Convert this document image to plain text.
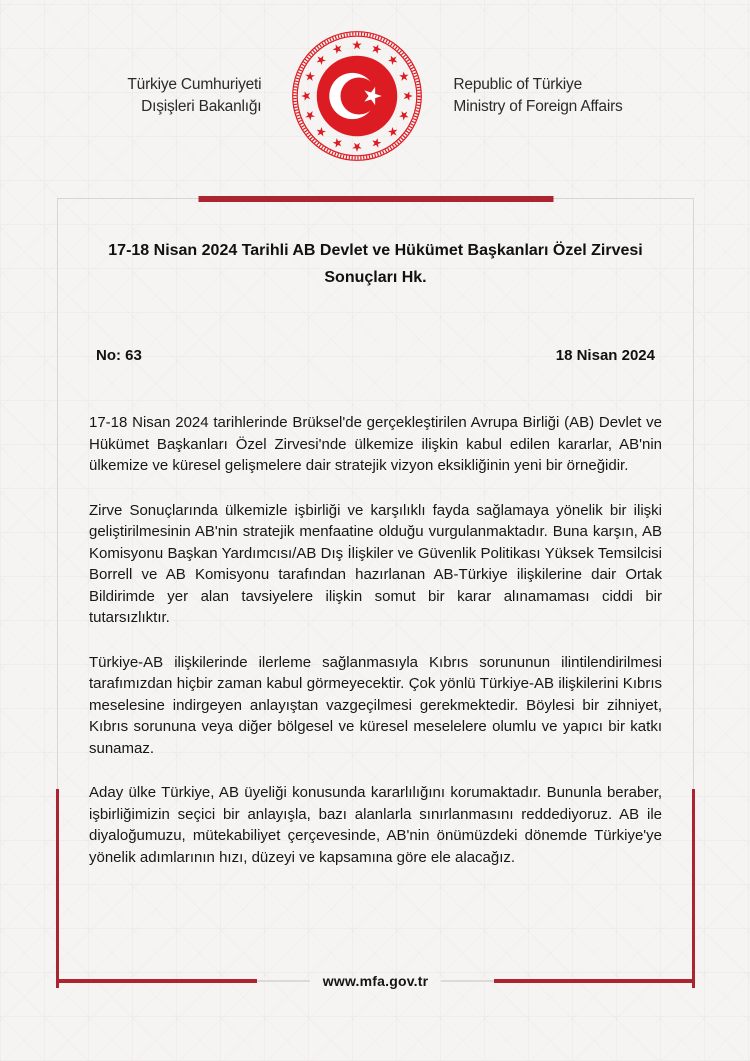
Türkiye Cumhuriyeti
Dışişleri Bakanlığı
Republic of Türkiye
Ministry of Foreign Affairs
17-18 Nisan 2024 Tarihli AB Devlet ve Hükümet Başkanları Özel Zirvesi Sonuçları Hk.
No: 63	18 Nisan 2024

17-18 Nisan 2024 tarihlerinde Brüksel'de gerçekleştirilen Avrupa Birliği (AB) Devlet ve Hükümet Başkanları Özel Zirvesi'nde ülkemize ilişkin kabul edilen kararlar, AB'nin ülkemize ve küresel gelişmelere dair stratejik vizyon eksikliğinin yeni bir örneğidir.

Zirve Sonuçlarında ülkemizle işbirliği ve karşılıklı fayda sağlamaya yönelik bir ilişki geliştirilmesinin AB'nin stratejik menfaatine olduğu vurgulanmaktadır. Buna karşın, AB Komisyonu Başkan Yardımcısı/AB Dış İlişkiler ve Güvenlik Politikası Yüksek Temsilcisi Borrell ve AB Komisyonu tarafından hazırlanan AB-Türkiye ilişkilerine dair Ortak Bildirimde yer alan tavsiyelere ilişkin somut bir karar alınamaması ciddi bir tutarsızlıktır.

Türkiye-AB ilişkilerinde ilerleme sağlanmasıyla Kıbrıs sorununun ilintilendirilmesi tarafımızdan hiçbir zaman kabul görmeyecektir. Çok yönlü Türkiye-AB ilişkilerini Kıbrıs meselesine indirgeyen anlayıştan vazgeçilmesi gerekmektedir. Böylesi bir zihniyet, Kıbrıs sorununa veya diğer bölgesel ve küresel meselelere olumlu ve yapıcı bir katkı sunamaz.

Aday ülke Türkiye, AB üyeliği konusunda kararlılığını korumaktadır. Bununla beraber, işbirliğimizin seçici bir anlayışla, bazı alanlarla sınırlanmasını reddediyoruz. AB ile diyaloğumuzu, mütekabiliyet çerçevesinde, AB'nin önümüzdeki dönemde Türkiye'ye yönelik adımlarının hızı, düzeyi ve kapsamına göre ele alacağız.

www.mfa.gov.tr
